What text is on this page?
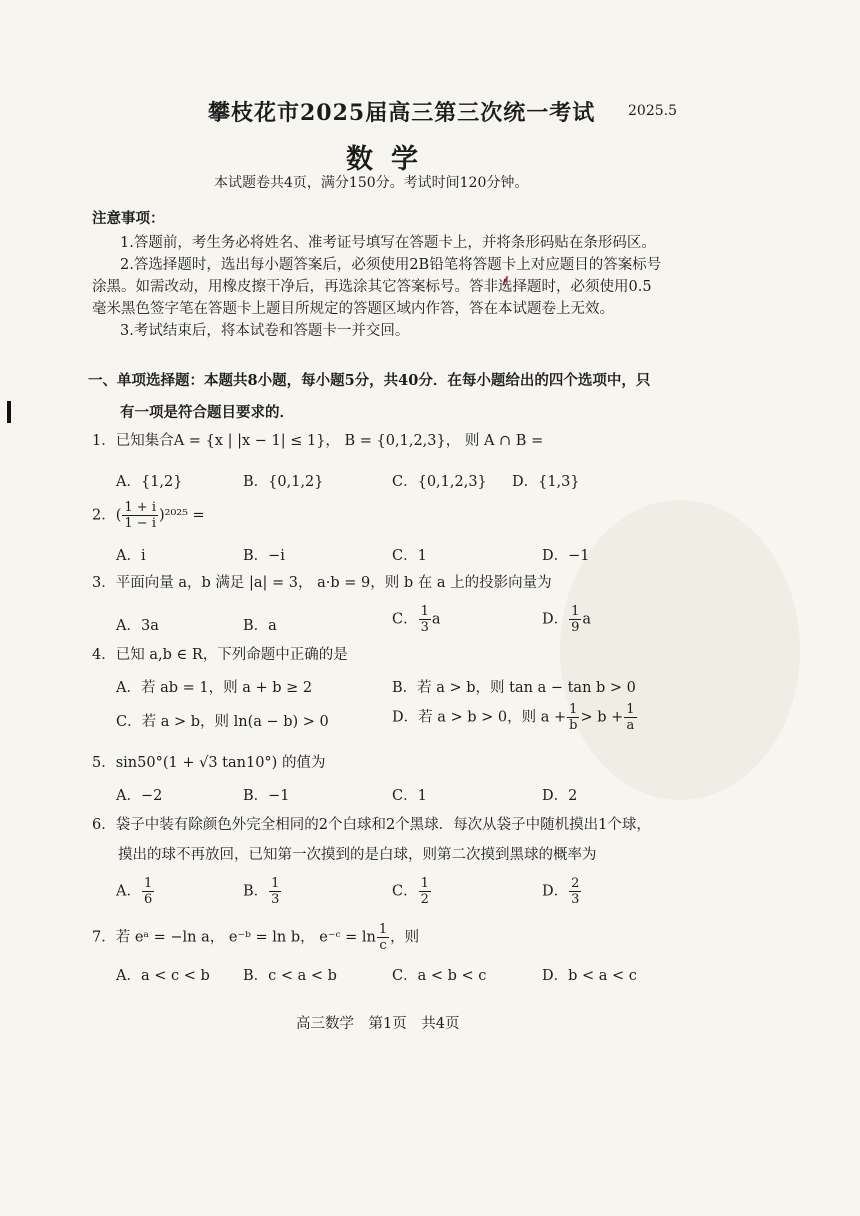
攀枝花市2025届高三第三次统一考试 2025.5
数学
本试题卷共4页，满分150分。考试时间120分钟。
注意事项：
1.答题前，考生务必将姓名、准考证号填写在答题卡上，并将条形码贴在条形码区。
2.答选择题时，选出每小题答案后，必须使用2B铅笔将答题卡上对应题目的答案标号
涂黑。如需改动，用橡皮擦干净后，再选涂其它答案标号。答非选择题时，必须使用0.5
毫米黑色签字笔在答题卡上题目所规定的答题区域内作答，答在本试题卷上无效。
3.考试结束后，将本试卷和答题卡一并交回。
一、单项选择题：本题共8小题，每小题5分，共40分．在每小题给出的四个选项中，只
有一项是符合题目要求的．
1．已知集合A = {x | |x − 1| ≤ 1}， B = {0,1,2,3}， 则 A ∩ B =
A．{1,2}	B．{0,1,2}	C．{0,1,2,3} D．{1,3}
2．( $\frac{1 + i}{1 - i} )^{2025}$ =
A．i	B．−i	C．1	D．−1
3．平面向量 a，b 满足 |a| = 3， a·b = 9，则 b 在 a 上的投影向量为
A．3a	B．a	C． $\frac{1}{3}$ a	D． $\frac{1}{9}$ a
4．已知 a,b ∈ R，下列命题中正确的是
A．若 ab = 1，则 a + b ≥ 2	B．若 a > b，则 tan a − tan b > 0
C．若 a > b，则 ln(a − b) > 0	D．若 a > b > 0，则 $a + \frac{1}{b} > b + \frac{1}{a}$
5．sin50°(1 + √3 tan10°) 的值为
A．−2	B．−1	C．1	D．2
6．袋子中装有除颜色外完全相同的2个白球和2个黑球．每次从袋子中随机摸出1个球，
摸出的球不再放回，已知第一次摸到的是白球，则第二次摸到黑球的概率为
A． $\frac{1}{6}$	B． $\frac{1}{3}$	C． $\frac{1}{2}$	D． $\frac{2}{3}$
7．若 eᵃ = −ln a， e⁻ᵇ = ln b， e⁻ᶜ = $\ln \frac{1}{c}$ ，则
A．a < c < b B．c < a < b	C．a < b < c	D．b < a < c
高三数学　第1页　共4页
